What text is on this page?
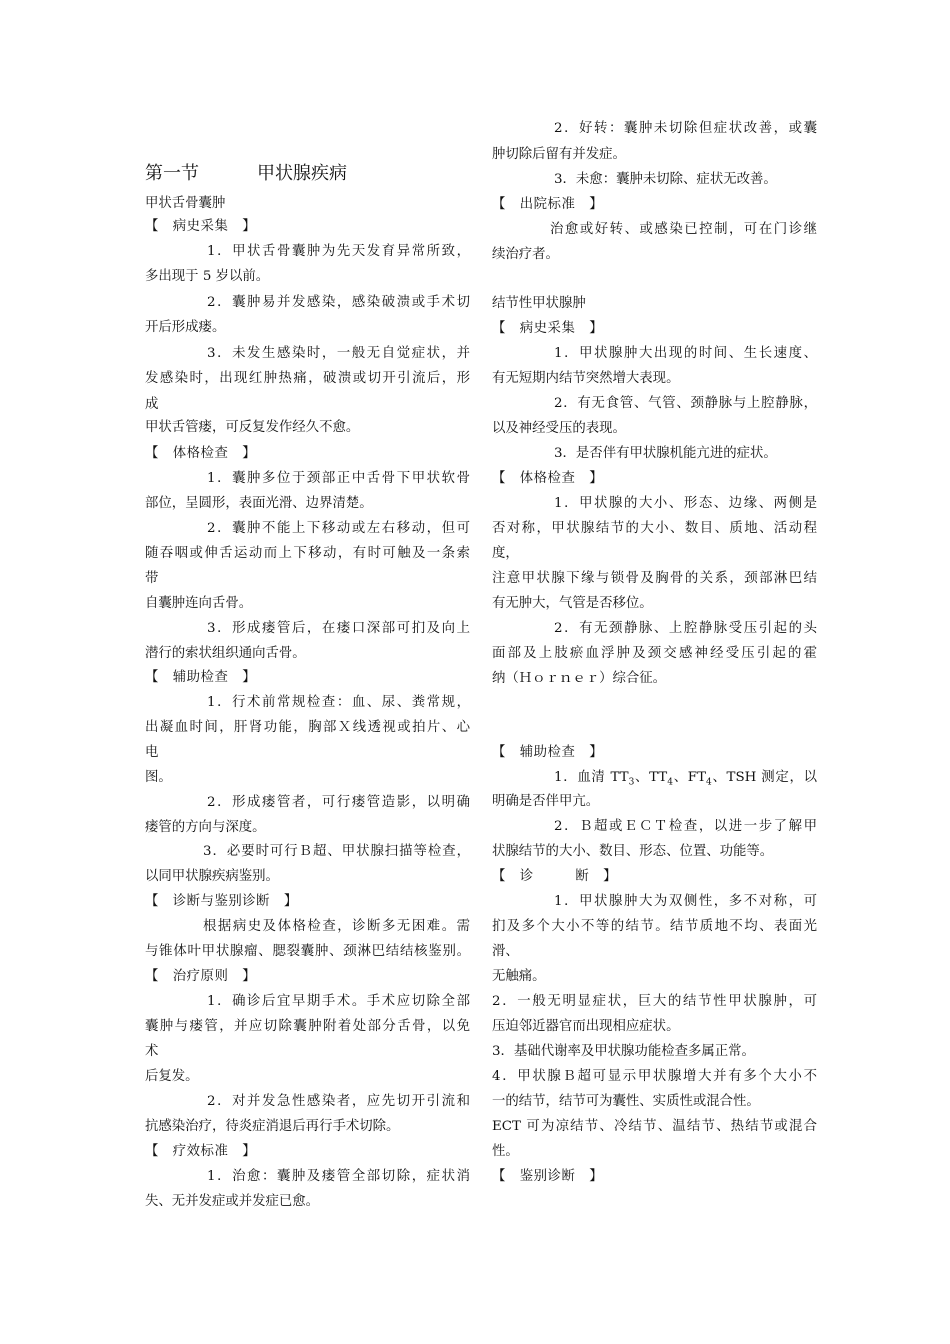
第一节	甲状腺疾病
甲状舌骨囊肿
【　病史采集　】
1．甲状舌骨囊肿为先天发育异常所致，
多出现于 5 岁以前。
2．囊肿易并发感染，感染破溃或手术切
开后形成瘘。
3．未发生感染时，一般无自觉症状，并
发感染时，出现红肿热痛，破溃或切开引流后，形
成
甲状舌管瘘，可反复发作经久不愈。
【　体格检查　】
1．囊肿多位于颈部正中舌骨下甲状软骨
部位，呈圆形，表面光滑、边界清楚。
2．囊肿不能上下移动或左右移动，但可
随吞咽或伸舌运动而上下移动，有时可触及一条索
带
自囊肿连向舌骨。
3．形成瘘管后，在瘘口深部可扪及向上
潜行的索状组织通向舌骨。
【　辅助检查　】
1．行术前常规检查：血、尿、粪常规，
出凝血时间，肝肾功能，胸部Ｘ线透视或拍片、心
电
图。
2．形成瘘管者，可行瘘管造影，以明确
瘘管的方向与深度。
3．必要时可行Ｂ超、甲状腺扫描等检查，
以同甲状腺疾病鉴别。
【　诊断与鉴别诊断　】
根据病史及体格检查，诊断多无困难。需
与锥体叶甲状腺瘤、腮裂囊肿、颈淋巴结结核鉴别。
【　治疗原则　】
1．确诊后宜早期手术。手术应切除全部
囊肿与瘘管，并应切除囊肿附着处部分舌骨，以免
术
后复发。
2．对并发急性感染者，应先切开引流和
抗感染治疗，待炎症消退后再行手术切除。
【　疗效标准　】
1．治愈：囊肿及瘘管全部切除，症状消
失、无并发症或并发症已愈。
2．好转：囊肿未切除但症状改善，或囊
肿切除后留有并发症。
3．未愈：囊肿未切除、症状无改善。
【　出院标准　】
治愈或好转、或感染已控制，可在门诊继
续治疗者。
结节性甲状腺肿
【　病史采集　】
1．甲状腺肿大出现的时间、生长速度、
有无短期内结节突然增大表现。
2．有无食管、气管、颈静脉与上腔静脉，
以及神经受压的表现。
3．是否伴有甲状腺机能亢进的症状。
【　体格检查　】
1．甲状腺的大小、形态、边缘、两侧是
否对称，甲状腺结节的大小、数目、质地、活动程
度，
注意甲状腺下缘与锁骨及胸骨的关系，颈部淋巴结
有无肿大，气管是否移位。
2．有无颈静脉、上腔静脉受压引起的头
面部及上肢瘀血浮肿及颈交感神经受压引起的霍
纳（Ｈｏｒｎｅｒ）综合征。
【　辅助检查　】
1．血清 $TT_3$、$TT_4$、$FT_4$、TSH 测定，以
明确是否伴甲亢。
2．Ｂ超或ＥＣＴ检查，以进一步了解甲
状腺结节的大小、数目、形态、位置、功能等。
【　诊　　　断　】
1．甲状腺肿大为双侧性，多不对称，可
扪及多个大小不等的结节。结节质地不均、表面光
滑、
无触痛。
2．一般无明显症状，巨大的结节性甲状腺肿，可
压迫邻近器官而出现相应症状。
3．基础代谢率及甲状腺功能检查多属正常。
4．甲状腺Ｂ超可显示甲状腺增大并有多个大小不
一的结节，结节可为囊性、实质性或混合性。
ECT 可为凉结节、冷结节、温结节、热结节或混合
性。
【　鉴别诊断　】
